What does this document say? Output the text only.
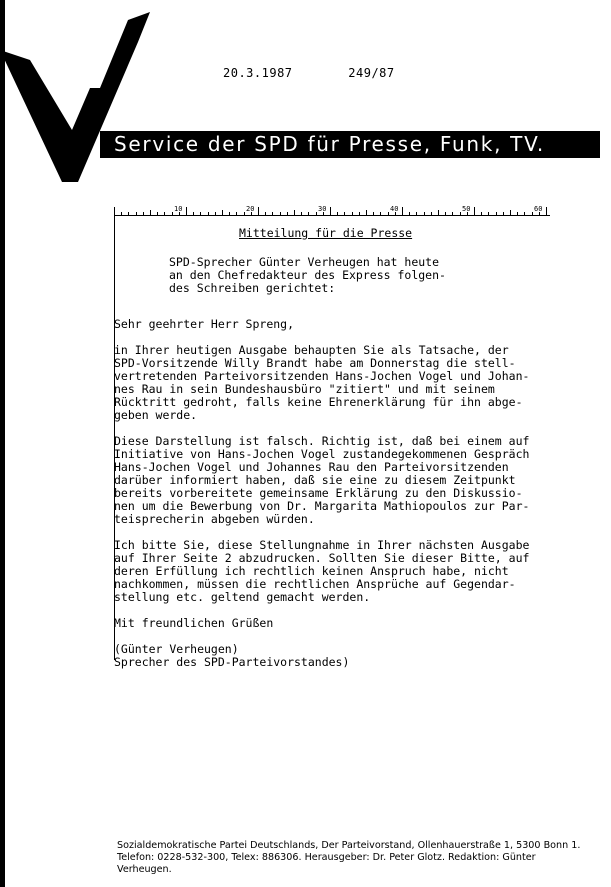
20.3.1987	249/87
Service der SPD für Presse, Funk, TV.
10	20	30	40	50	60
Mitteilung für die Presse
SPD-Sprecher Günter Verheugen hat heute
an den Chefredakteur des Express folgen-
des Schreiben gerichtet:
Sehr geehrter Herr Spreng,
in Ihrer heutigen Ausgabe behaupten Sie als Tatsache, der
SPD-Vorsitzende Willy Brandt habe am Donnerstag die stell-
vertretenden Parteivorsitzenden Hans-Jochen Vogel und Johan-
nes Rau in sein Bundeshausbüro "zitiert" und mit seinem
Rücktritt gedroht, falls keine Ehrenerklärung für ihn abge-
geben werde.
Diese Darstellung ist falsch. Richtig ist, daß bei einem auf
Initiative von Hans-Jochen Vogel zustandegekommenen Gespräch
Hans-Jochen Vogel und Johannes Rau den Parteivorsitzenden
darüber informiert haben, daß sie eine zu diesem Zeitpunkt
bereits vorbereitete gemeinsame Erklärung zu den Diskussio-
nen um die Bewerbung von Dr. Margarita Mathiopoulos zur Par-
teisprecherin abgeben würden.
Ich bitte Sie, diese Stellungnahme in Ihrer nächsten Ausgabe
auf Ihrer Seite 2 abzudrucken. Sollten Sie dieser Bitte, auf
deren Erfüllung ich rechtlich keinen Anspruch habe, nicht
nachkommen, müssen die rechtlichen Ansprüche auf Gegendar-
stellung etc. geltend gemacht werden.
Mit freundlichen Grüßen
(Günter Verheugen)
Sprecher des SPD-Parteivorstandes)
Sozialdemokratische Partei Deutschlands, Der Parteivorstand, Ollenhauerstraße 1, 5300 Bonn 1.
Telefon: 0228-532-300, Telex: 886306. Herausgeber: Dr. Peter Glotz. Redaktion: Günter Verheugen.
